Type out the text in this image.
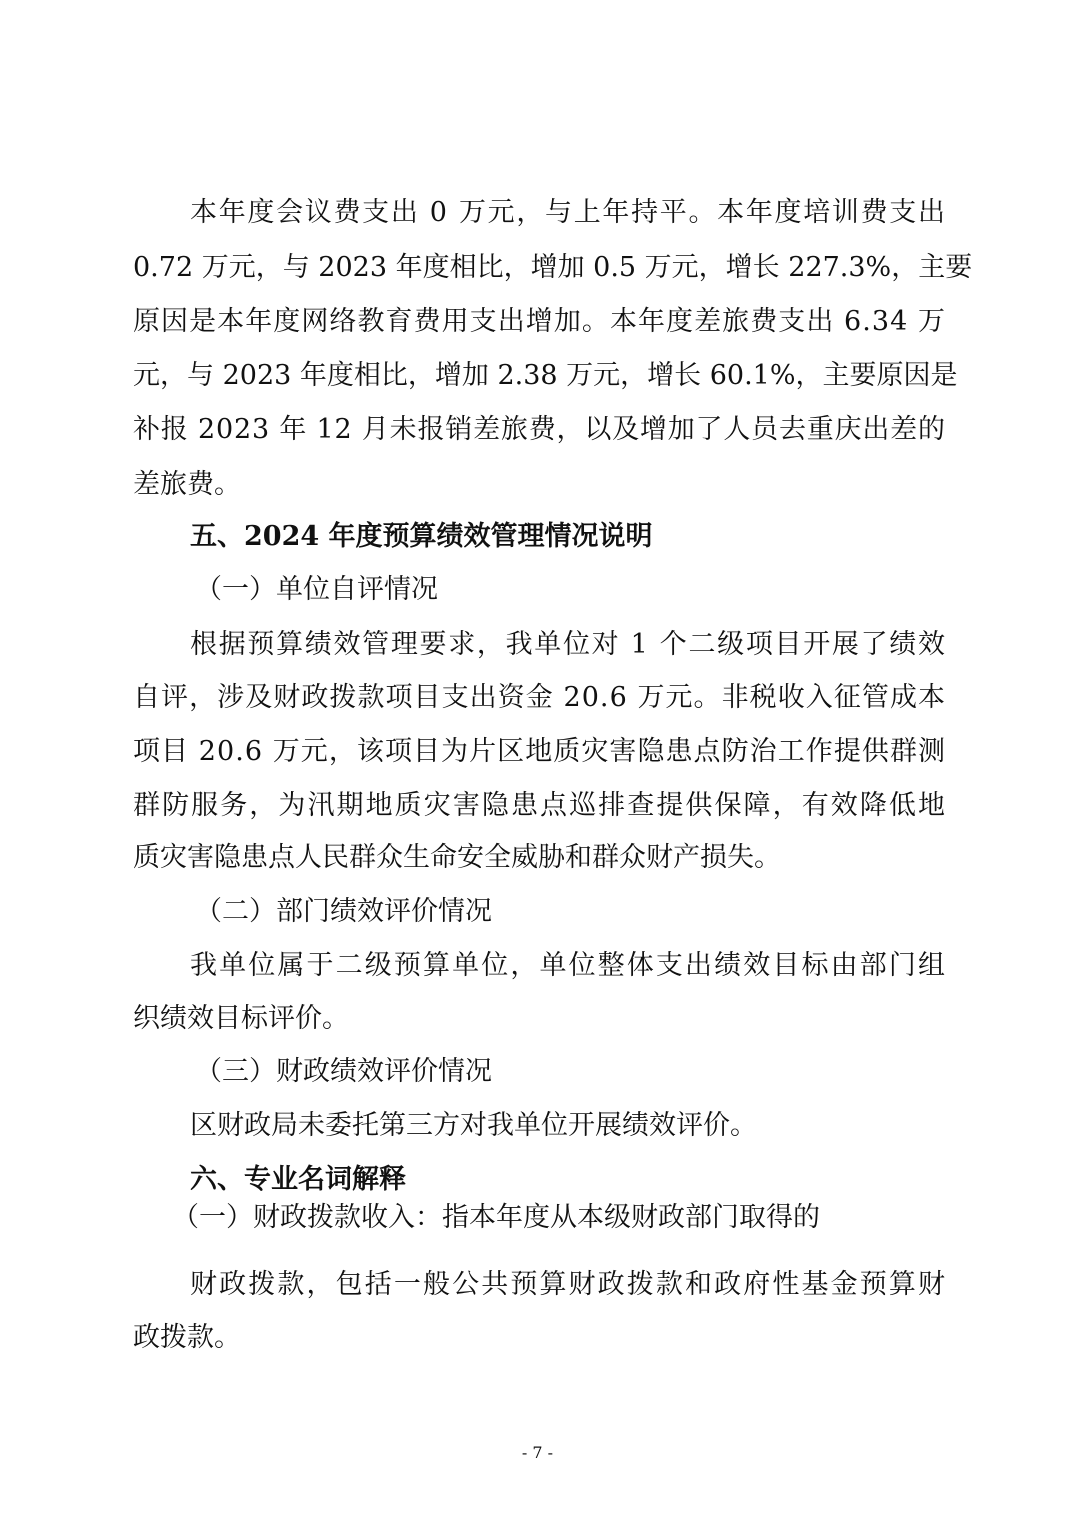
本年度会议费支出 0 万元，与上年持平。本年度培训费支出
0.72 万元，与 2023 年度相比，增加 0.5 万元，增长 227.3%，主要
原因是本年度网络教育费用支出增加。本年度差旅费支出 6.34 万
元，与 2023 年度相比，增加 2.38 万元，增长 60.1%，主要原因是
补报 2023 年 12 月未报销差旅费，以及增加了人员去重庆出差的
差旅费。
五、2024 年度预算绩效管理情况说明
（一）单位自评情况
根据预算绩效管理要求，我单位对 1 个二级项目开展了绩效
自评，涉及财政拨款项目支出资金 20.6 万元。非税收入征管成本
项目 20.6 万元，该项目为片区地质灾害隐患点防治工作提供群测
群防服务，为汛期地质灾害隐患点巡排查提供保障，有效降低地
质灾害隐患点人民群众生命安全威胁和群众财产损失。
（二）部门绩效评价情况
我单位属于二级预算单位，单位整体支出绩效目标由部门组
织绩效目标评价。
（三）财政绩效评价情况
区财政局未委托第三方对我单位开展绩效评价。
六、专业名词解释
财政拨款，包括一般公共预算财政拨款和政府性基金预算财
政拨款。
（一）财政拨款收入：指本年度从本级财政部门取得的
- 7 -
